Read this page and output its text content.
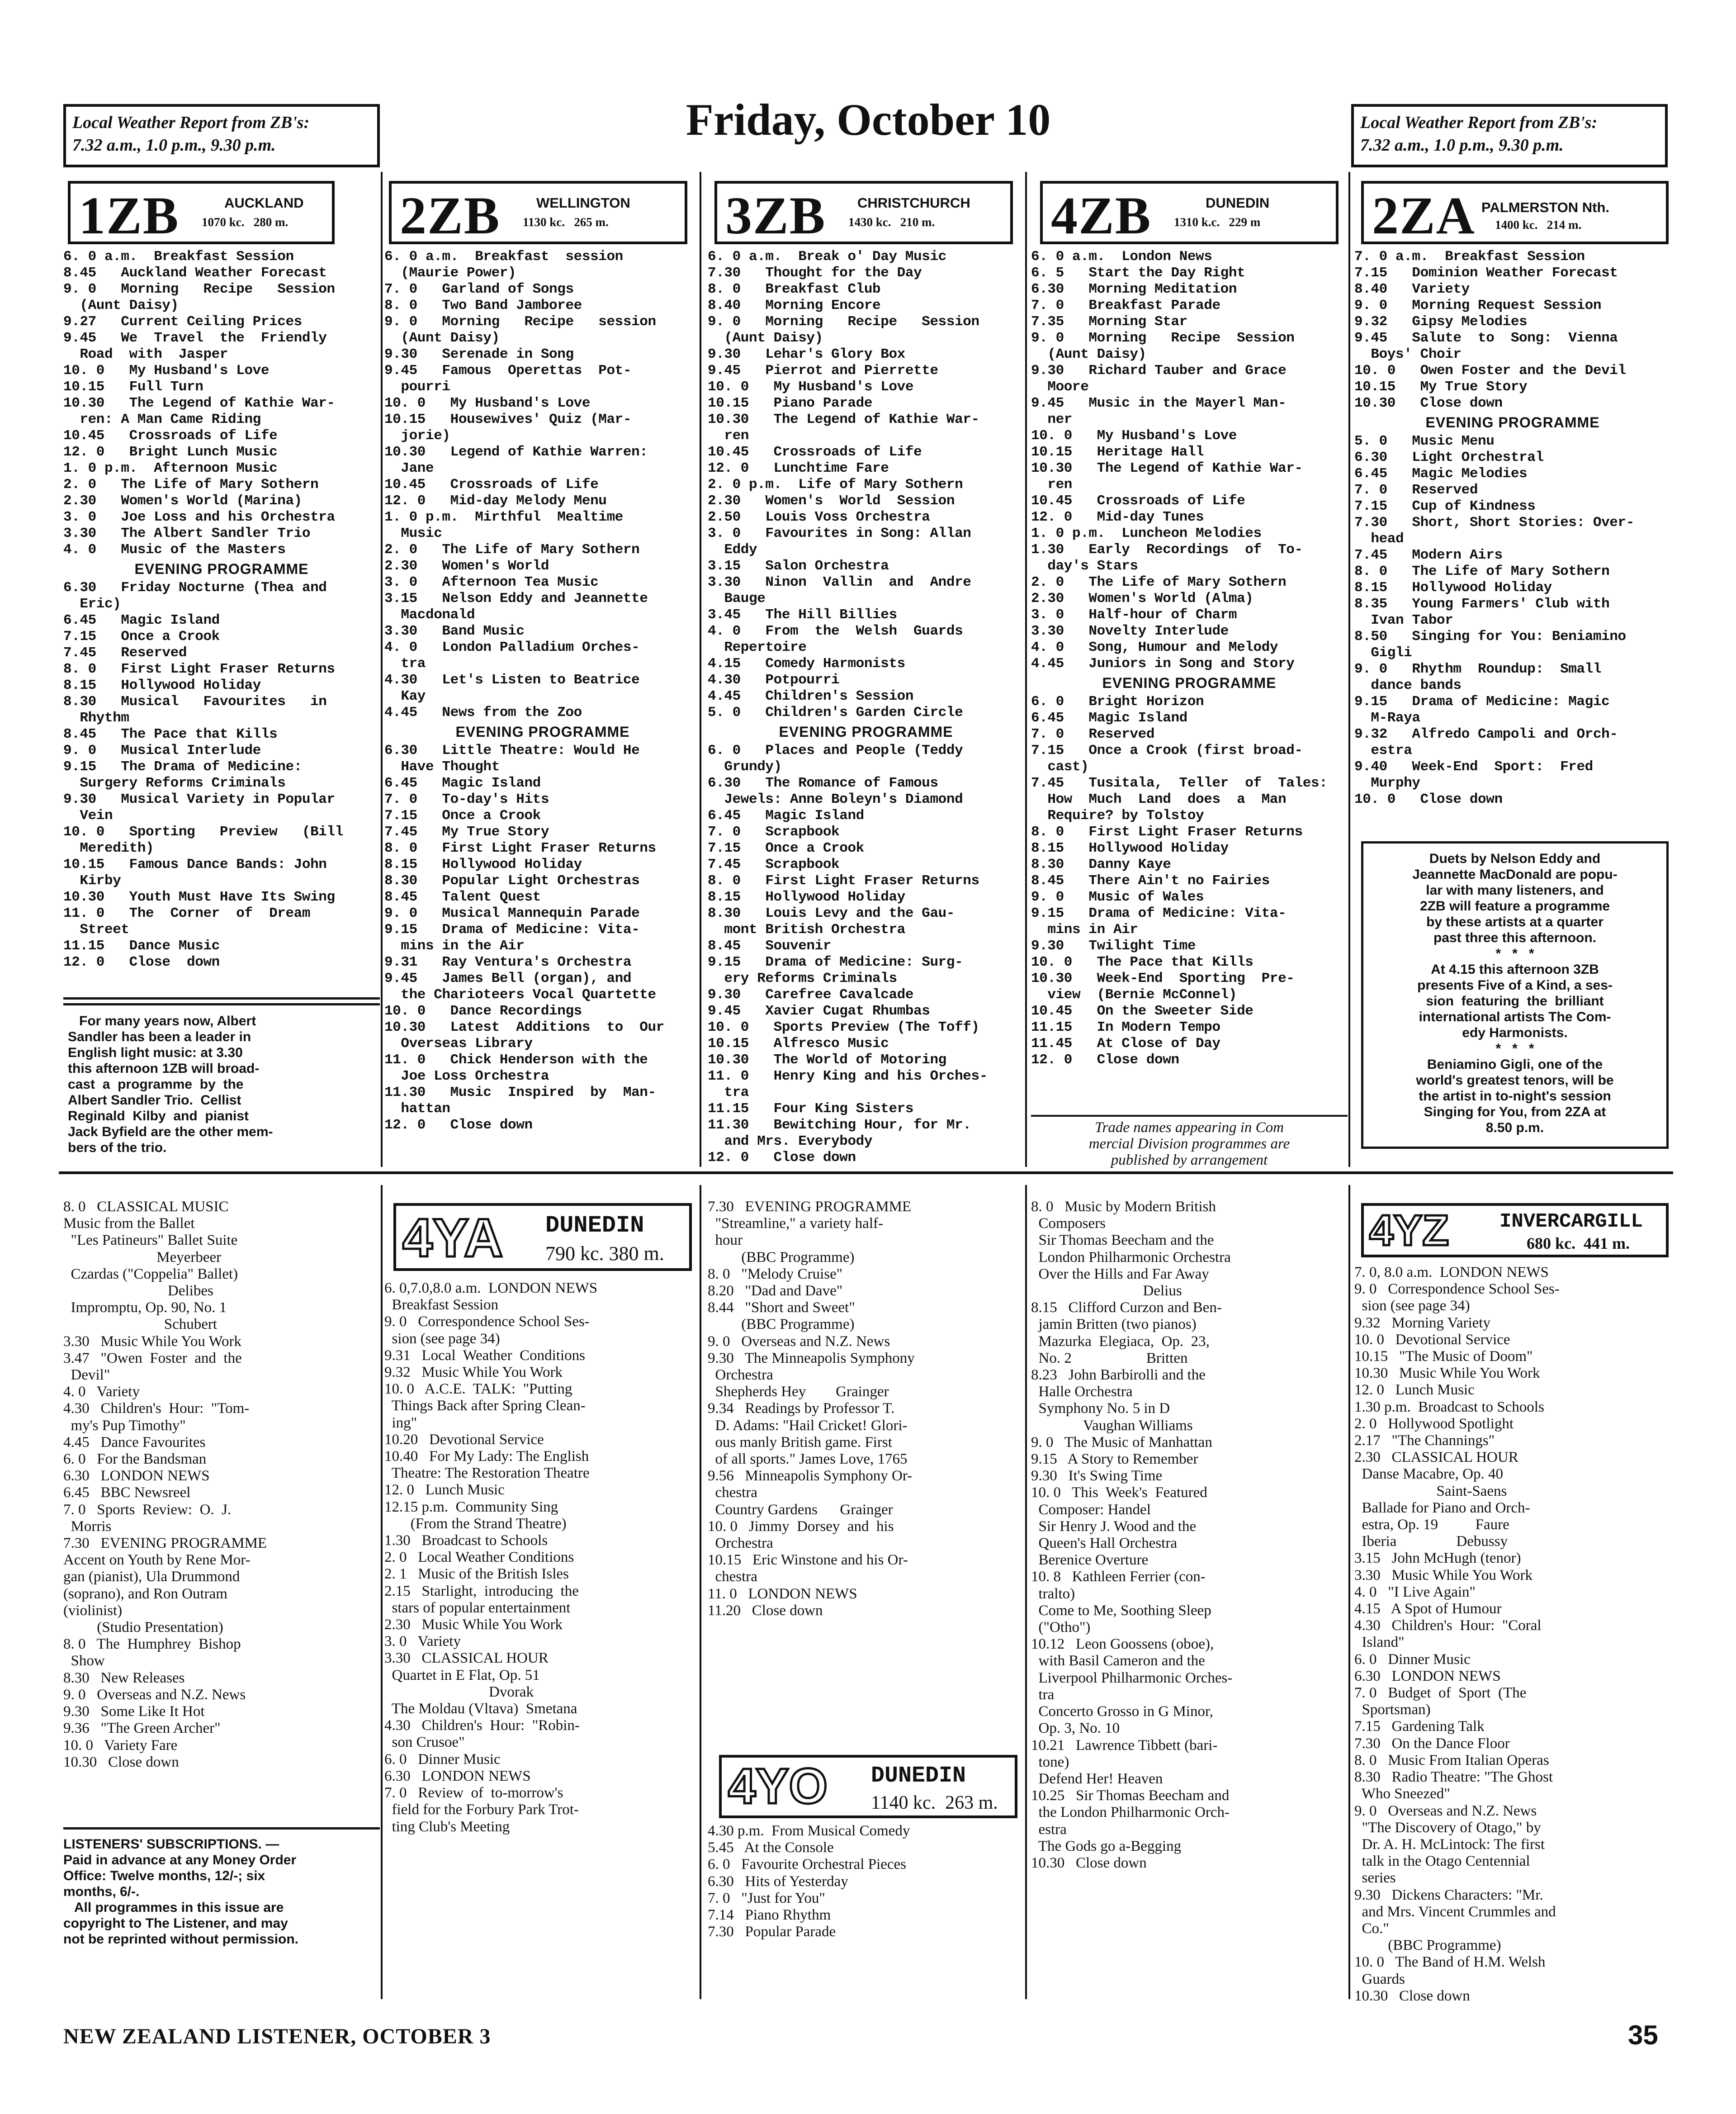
Local Weather Report from ZB's:
7.32 a.m., 1.0 p.m., 9.30 p.m.
Friday, October 10	Local Weather Report from ZB's:
7.32 a.m., 1.0 p.m., 9.30 p.m.
1ZB	AUCKLAND
1070 kc.   280 m. 2ZB	WELLINGTON
1130 kc.   265 m. 3ZB CHRISTCHURCH
1430 kc.   210 m. 4ZB	DUNEDIN
1310 k.c.   229 m 2ZA PALMERSTON Nth.
1400 kc.   214 m.
6. 0 a.m.  Breakfast Session
8.45   Auckland Weather Forecast
9. 0   Morning   Recipe   Session
(Aunt Daisy)
9.27   Current Ceiling Prices
9.45   We  Travel  the  Friendly
Road  with  Jasper
10. 0   My Husband's Love
10.15   Full Turn
10.30   The Legend of Kathie War-
ren: A Man Came Riding
10.45   Crossroads of Life
12. 0   Bright Lunch Music
1. 0 p.m.  Afternoon Music
2. 0   The Life of Mary Sothern
2.30   Women's World (Marina)
3. 0   Joe Loss and his Orchestra
3.30   The Albert Sandler Trio
4. 0   Music of the Masters
EVENING PROGRAMME
6.30   Friday Nocturne (Thea and
Eric)
6.45   Magic Island
7.15   Once a Crook
7.45   Reserved
8. 0   First Light Fraser Returns
8.15   Hollywood Holiday
8.30   Musical   Favourites   in
Rhythm
8.45   The Pace that Kills
9. 0   Musical Interlude
9.15   The Drama of Medicine:
Surgery Reforms Criminals
9.30   Musical Variety in Popular
Vein
10. 0   Sporting   Preview   (Bill
Meredith)
10.15   Famous Dance Bands: John
Kirby
10.30   Youth Must Have Its Swing
11. 0   The  Corner  of  Dream
Street
11.15   Dance Music
12. 0   Close  down
For many years now, Albert
Sandler has been a leader in
English light music: at 3.30
this afternoon 1ZB will broad-
cast  a  programme  by  the
Albert Sandler Trio.  Cellist
Reginald  Kilby  and  pianist
Jack Byfield are the other mem-
bers of the trio.
6. 0 a.m.  Breakfast  session
(Maurie Power)
7. 0   Garland of Songs
8. 0   Two Band Jamboree
9. 0   Morning   Recipe   session
(Aunt Daisy)
9.30   Serenade in Song
9.45   Famous  Operettas  Pot-
pourri
10. 0   My Husband's Love
10.15   Housewives' Quiz (Mar-
jorie)
10.30   Legend of Kathie Warren:
Jane
10.45   Crossroads of Life
12. 0   Mid-day Melody Menu
1. 0 p.m.  Mirthful  Mealtime
Music
2. 0   The Life of Mary Sothern
2.30   Women's World
3. 0   Afternoon Tea Music
3.15   Nelson Eddy and Jeannette
Macdonald
3.30   Band Music
4. 0   London Palladium Orches-
tra
4.30   Let's Listen to Beatrice
Kay
4.45   News from the Zoo
EVENING PROGRAMME
6.30   Little Theatre: Would He
Have Thought
6.45   Magic Island
7. 0   To-day's Hits
7.15   Once a Crook
7.45   My True Story
8. 0   First Light Fraser Returns
8.15   Hollywood Holiday
8.30   Popular Light Orchestras
8.45   Talent Quest
9. 0   Musical Mannequin Parade
9.15   Drama of Medicine: Vita-
mins in the Air
9.31   Ray Ventura's Orchestra
9.45   James Bell (organ), and
the Charioteers Vocal Quartette
10. 0   Dance Recordings
10.30   Latest  Additions  to  Our
Overseas Library
11. 0   Chick Henderson with the
Joe Loss Orchestra
11.30   Music  Inspired  by  Man-
hattan
12. 0   Close down
6. 0 a.m.  Break o' Day Music
7.30   Thought for the Day
8. 0   Breakfast Club
8.40   Morning Encore
9. 0   Morning   Recipe   Session
(Aunt Daisy)
9.30   Lehar's Glory Box
9.45   Pierrot and Pierrette
10. 0   My Husband's Love
10.15   Piano Parade
10.30   The Legend of Kathie War-
ren
10.45   Crossroads of Life
12. 0   Lunchtime Fare
2. 0 p.m.  Life of Mary Sothern
2.30   Women's  World  Session
2.50   Louis Voss Orchestra
3. 0   Favourites in Song: Allan
Eddy
3.15   Salon Orchestra
3.30   Ninon  Vallin  and  Andre
Bauge
3.45   The Hill Billies
4. 0   From  the  Welsh  Guards
Repertoire
4.15   Comedy Harmonists
4.30   Potpourri
4.45   Children's Session
5. 0   Children's Garden Circle
EVENING PROGRAMME
6. 0   Places and People (Teddy
Grundy)
6.30   The Romance of Famous
Jewels: Anne Boleyn's Diamond
6.45   Magic Island
7. 0   Scrapbook
7.15   Once a Crook
7.45   Scrapbook
8. 0   First Light Fraser Returns
8.15   Hollywood Holiday
8.30   Louis Levy and the Gau-
mont British Orchestra
8.45   Souvenir
9.15   Drama of Medicine: Surg-
ery Reforms Criminals
9.30   Carefree Cavalcade
9.45   Xavier Cugat Rhumbas
10. 0   Sports Preview (The Toff)
10.15   Alfresco Music
10.30   The World of Motoring
11. 0   Henry King and his Orches-
tra
11.15   Four King Sisters
11.30   Bewitching Hour, for Mr.
and Mrs. Everybody
12. 0   Close down
6. 0 a.m.  London News
6. 5   Start the Day Right
6.30   Morning Meditation
7. 0   Breakfast Parade
7.35   Morning Star
9. 0   Morning   Recipe  Session
(Aunt Daisy)
9.30   Richard Tauber and Grace
Moore
9.45   Music in the Mayerl Man-
ner
10. 0   My Husband's Love
10.15   Heritage Hall
10.30   The Legend of Kathie War-
ren
10.45   Crossroads of Life
12. 0   Mid-day Tunes
1. 0 p.m.  Luncheon Melodies
1.30   Early  Recordings  of  To-
day's Stars
2. 0   The Life of Mary Sothern
2.30   Women's World (Alma)
3. 0   Half-hour of Charm
3.30   Novelty Interlude
4. 0   Song, Humour and Melody
4.45   Juniors in Song and Story
EVENING PROGRAMME
6. 0   Bright Horizon
6.45   Magic Island
7. 0   Reserved
7.15   Once a Crook (first broad-
cast)
7.45   Tusitala,  Teller  of  Tales:
How  Much  Land  does  a  Man
Require? by Tolstoy
8. 0   First Light Fraser Returns
8.15   Hollywood Holiday
8.30   Danny Kaye
8.45   There Ain't no Fairies
9. 0   Music of Wales
9.15   Drama of Medicine: Vita-
mins in Air
9.30   Twilight Time
10. 0   The Pace that Kills
10.30   Week-End  Sporting  Pre-
view  (Bernie McConnel)
10.45   On the Sweeter Side
11.15   In Modern Tempo
11.45   At Close of Day
12. 0   Close down
Trade names appearing in Com
mercial Division programmes are
published by arrangement
7. 0 a.m.  Breakfast Session
7.15   Dominion Weather Forecast
8.40   Variety
9. 0   Morning Request Session
9.32   Gipsy Melodies
9.45   Salute  to  Song:  Vienna
Boys' Choir
10. 0   Owen Foster and the Devil
10.15   My True Story
10.30   Close down
EVENING PROGRAMME
5. 0   Music Menu
6.30   Light Orchestral
6.45   Magic Melodies
7. 0   Reserved
7.15   Cup of Kindness
7.30   Short, Short Stories: Over-
head
7.45   Modern Airs
8. 0   The Life of Mary Sothern
8.15   Hollywood Holiday
8.35   Young Farmers' Club with
Ivan Tabor
8.50   Singing for You: Beniamino
Gigli
9. 0   Rhythm  Roundup:  Small
dance bands
9.15   Drama of Medicine: Magic
M-Raya
9.32   Alfredo Campoli and Orch-
estra
9.40   Week-End  Sport:  Fred
Murphy
10. 0   Close down
Duets by Nelson Eddy and
Jeannette MacDonald are popu-
lar with many listeners, and
2ZB will feature a programme
by these artists at a quarter
past three this afternoon.
*   *   *
At 4.15 this afternoon 3ZB
presents Five of a Kind, a ses-
sion  featuring  the  brilliant
international artists The Com-
edy Harmonists.
*   *   *
Beniamino Gigli, one of the
world's greatest tenors, will be
the artist in to-night's session
Singing for You, from 2ZA at
8.50 p.m.
8. 0   CLASSICAL MUSIC
Music from the Ballet
"Les Patineurs" Ballet Suite
Meyerbeer
Czardas ("Coppelia" Ballet)
Delibes
Impromptu, Op. 90, No. 1
Schubert
3.30   Music While You Work
3.47   "Owen  Foster  and  the
Devil"
4. 0   Variety
4.30   Children's  Hour:  "Tom-
my's Pup Timothy"
4.45   Dance Favourites
6. 0   For the Bandsman
6.30   LONDON NEWS
6.45   BBC Newsreel
7. 0   Sports  Review:  O.  J.
Morris
7.30   EVENING PROGRAMME
Accent on Youth by Rene Mor-
gan (pianist), Ula Drummond
(soprano), and Ron Outram
(violinist)
(Studio Presentation)
8. 0   The  Humphrey  Bishop
Show
8.30   New Releases
9. 0   Overseas and N.Z. News
9.30   Some Like It Hot
9.36   "The Green Archer"
10. 0   Variety Fare
10.30   Close down
LISTENERS' SUBSCRIPTIONS. —
Paid in advance at any Money Order
Office: Twelve months, 12/-; six
months, 6/-.
All programmes in this issue are
copyright to The Listener, and may
not be reprinted without permission.
4YA DUNEDIN
790 kc. 380 m.
6. 0,7.0,8.0 a.m.  LONDON NEWS
Breakfast Session
9. 0   Correspondence School Ses-
sion (see page 34)
9.31   Local  Weather  Conditions
9.32   Music While You Work
10. 0   A.C.E.  TALK:  "Putting
Things Back after Spring Clean-
ing"
10.20   Devotional Service
10.40   For My Lady: The English
Theatre: The Restoration Theatre
12. 0   Lunch Music
12.15 p.m.  Community Sing
(From the Strand Theatre)
1.30   Broadcast to Schools
2. 0   Local Weather Conditions
2. 1   Music of the British Isles
2.15   Starlight,  introducing  the
stars of popular entertainment
2.30   Music While You Work
3. 0   Variety
3.30   CLASSICAL HOUR
Quartet in E Flat, Op. 51
Dvorak
The Moldau (Vltava)  Smetana
4.30   Children's  Hour:  "Robin-
son Crusoe"
6. 0   Dinner Music
6.30   LONDON NEWS
7. 0   Review  of  to-morrow's
field for the Forbury Park Trot-
ting Club's Meeting
7.30   EVENING PROGRAMME
"Streamline," a variety half-
hour
(BBC Programme)
8. 0   "Melody Cruise"
8.20   "Dad and Dave"
8.44   "Short and Sweet"
(BBC Programme)
9. 0   Overseas and N.Z. News
9.30   The Minneapolis Symphony
Orchestra
Shepherds Hey        Grainger
9.34   Readings by Professor T.
D. Adams: "Hail Cricket! Glori-
ous manly British game. First
of all sports." James Love, 1765
9.56   Minneapolis Symphony Or-
chestra
Country Gardens      Grainger
10. 0   Jimmy  Dorsey  and  his
Orchestra
10.15   Eric Winstone and his Or-
chestra
11. 0   LONDON NEWS
11.20   Close down
4YO DUNEDIN
1140 kc.  263 m.
4.30 p.m.  From Musical Comedy
5.45   At the Console
6. 0   Favourite Orchestral Pieces
6.30   Hits of Yesterday
7. 0   "Just for You"
7.14   Piano Rhythm
7.30   Popular Parade
8. 0   Music by Modern British
Composers
Sir Thomas Beecham and the
London Philharmonic Orchestra
Over the Hills and Far Away
Delius
8.15   Clifford Curzon and Ben-
jamin Britten (two pianos)
Mazurka  Elegiaca,  Op.  23,
No. 2                    Britten
8.23   John Barbirolli and the
Halle Orchestra
Symphony No. 5 in D
Vaughan Williams
9. 0   The Music of Manhattan
9.15   A Story to Remember
9.30   It's Swing Time
10. 0   This  Week's  Featured
Composer: Handel
Sir Henry J. Wood and the
Queen's Hall Orchestra
Berenice Overture
10. 8   Kathleen Ferrier (con-
tralto)
Come to Me, Soothing Sleep
("Otho")
10.12   Leon Goossens (oboe),
with Basil Cameron and the
Liverpool Philharmonic Orches-
tra
Concerto Grosso in G Minor,
Op. 3, No. 10
10.21   Lawrence Tibbett (bari-
tone)
Defend Her! Heaven
10.25   Sir Thomas Beecham and
the London Philharmonic Orch-
estra
The Gods go a-Begging
10.30   Close down
4YZ	INVERCARGILL
680 kc.  441 m.
7. 0, 8.0 a.m.  LONDON NEWS
9. 0   Correspondence School Ses-
sion (see page 34)
9.32   Morning Variety
10. 0   Devotional Service
10.15   "The Music of Doom"
10.30   Music While You Work
12. 0   Lunch Music
1.30 p.m.  Broadcast to Schools
2. 0   Hollywood Spotlight
2.17   "The Channings"
2.30   CLASSICAL HOUR
Danse Macabre, Op. 40
Saint-Saens
Ballade for Piano and Orch-
estra, Op. 19          Faure
Iberia                Debussy
3.15   John McHugh (tenor)
3.30   Music While You Work
4. 0   "I Live Again"
4.15   A Spot of Humour
4.30   Children's  Hour:  "Coral
Island"
6. 0   Dinner Music
6.30   LONDON NEWS
7. 0   Budget  of  Sport  (The
Sportsman)
7.15   Gardening Talk
7.30   On the Dance Floor
8. 0   Music From Italian Operas
8.30   Radio Theatre: "The Ghost
Who Sneezed"
9. 0   Overseas and N.Z. News
"The Discovery of Otago," by
Dr. A. H. McLintock: The first
talk in the Otago Centennial
series
9.30   Dickens Characters: "Mr.
and Mrs. Vincent Crummles and
Co."
(BBC Programme)
10. 0   The Band of H.M. Welsh
Guards
10.30   Close down
NEW ZEALAND LISTENER, OCTOBER 3	35
